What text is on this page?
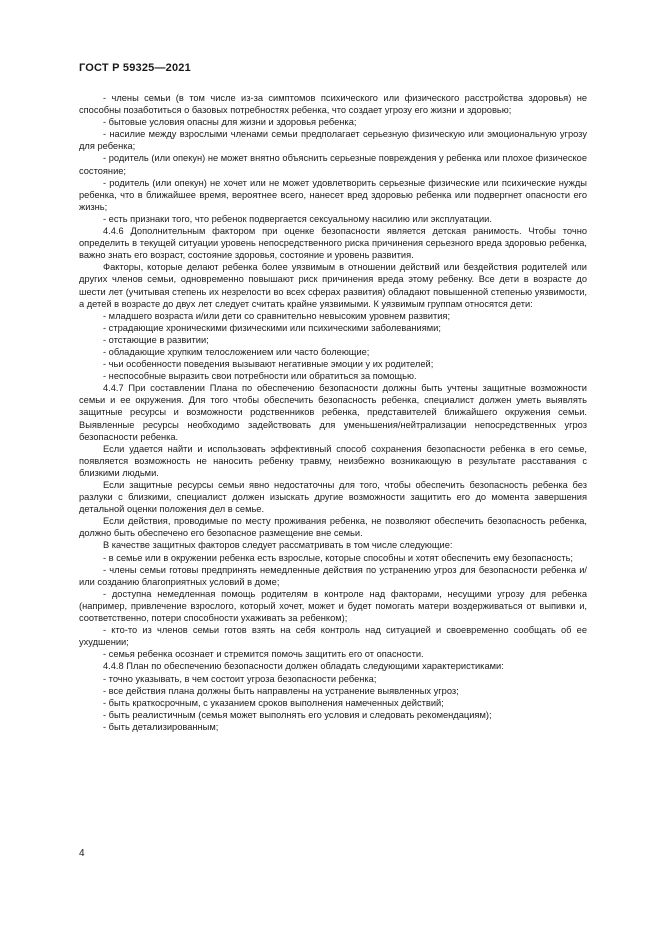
ГОСТ Р 59325—2021

- члены семьи (в том числе из-за симптомов психического или физического расстройства здоровья) не способны позаботиться о базовых потребностях ребенка, что создает угрозу его жизни и здоровью;

- бытовые условия опасны для жизни и здоровья ребенка;

- насилие между взрослыми членами семьи предполагает серьезную физическую или эмоциональную угрозу для ребенка;

- родитель (или опекун) не может внятно объяснить серьезные повреждения у ребенка или плохое физическое состояние;

- родитель (или опекун) не хочет или не может удовлетворить серьезные физические или психические нужды ребенка, что в ближайшее время, вероятнее всего, нанесет вред здоровью ребенка или подвергнет опасности его жизнь;

- есть признаки того, что ребенок подвергается сексуальному насилию или эксплуатации.

4.4.6 Дополнительным фактором при оценке безопасности является детская ранимость. Чтобы точно определить в текущей ситуации уровень непосредственного риска причинения серьезного вреда здоровью ребенка, важно знать его возраст, состояние здоровья, состояние и уровень развития.

Факторы, которые делают ребенка более уязвимым в отношении действий или бездействия родителей или других членов семьи, одновременно повышают риск причинения вреда этому ребенку. Все дети в возрасте до шести лет (учитывая степень их незрелости во всех сферах развития) обладают повышенной степенью уязвимости, а детей в возрасте до двух лет следует считать крайне уязвимыми. К уязвимым группам относятся дети:

- младшего возраста и/или дети со сравнительно невысоким уровнем развития;

- страдающие хроническими физическими или психическими заболеваниями;

- отстающие в развитии;

- обладающие хрупким телосложением или часто болеющие;

- чьи особенности поведения вызывают негативные эмоции у их родителей;

- неспособные выразить свои потребности или обратиться за помощью.

4.4.7 При составлении Плана по обеспечению безопасности должны быть учтены защитные возможности семьи и ее окружения. Для того чтобы обеспечить безопасность ребенка, специалист должен уметь выявлять защитные ресурсы и возможности родственников ребенка, представителей ближайшего окружения семьи. Выявленные ресурсы необходимо задействовать для уменьшения/нейтрализации непосредственных угроз безопасности ребенка.

Если удается найти и использовать эффективный способ сохранения безопасности ребенка в его семье, появляется возможность не наносить ребенку травму, неизбежно возникающую в результате расставания с близкими людьми.

Если защитные ресурсы семьи явно недостаточны для того, чтобы обеспечить безопасность ребенка без разлуки с близкими, специалист должен изыскать другие возможности защитить его до момента завершения детальной оценки положения дел в семье.

Если действия, проводимые по месту проживания ребенка, не позволяют обеспечить безопасность ребенка, должно быть обеспечено его безопасное размещение вне семьи.

В качестве защитных факторов следует рассматривать в том числе следующие:

- в семье или в окружении ребенка есть взрослые, которые способны и хотят обеспечить ему безопасность;

- члены семьи готовы предпринять немедленные действия по устранению угроз для безопасности ребенка и/или созданию благоприятных условий в доме;

- доступна немедленная помощь родителям в контроле над факторами, несущими угрозу для ребенка (например, привлечение взрослого, который хочет, может и будет помогать матери воздерживаться от выпивки и, соответственно, потери способности ухаживать за ребенком);

- кто-то из членов семьи готов взять на себя контроль над ситуацией и своевременно сообщать об ее ухудшении;

- семья ребенка осознает и стремится помочь защитить его от опасности.

4.4.8 План по обеспечению безопасности должен обладать следующими характеристиками:

- точно указывать, в чем состоит угроза безопасности ребенка;

- все действия плана должны быть направлены на устранение выявленных угроз;

- быть краткосрочным, с указанием сроков выполнения намеченных действий;

- быть реалистичным (семья может выполнять его условия и следовать рекомендациям);

- быть детализированным;

4
